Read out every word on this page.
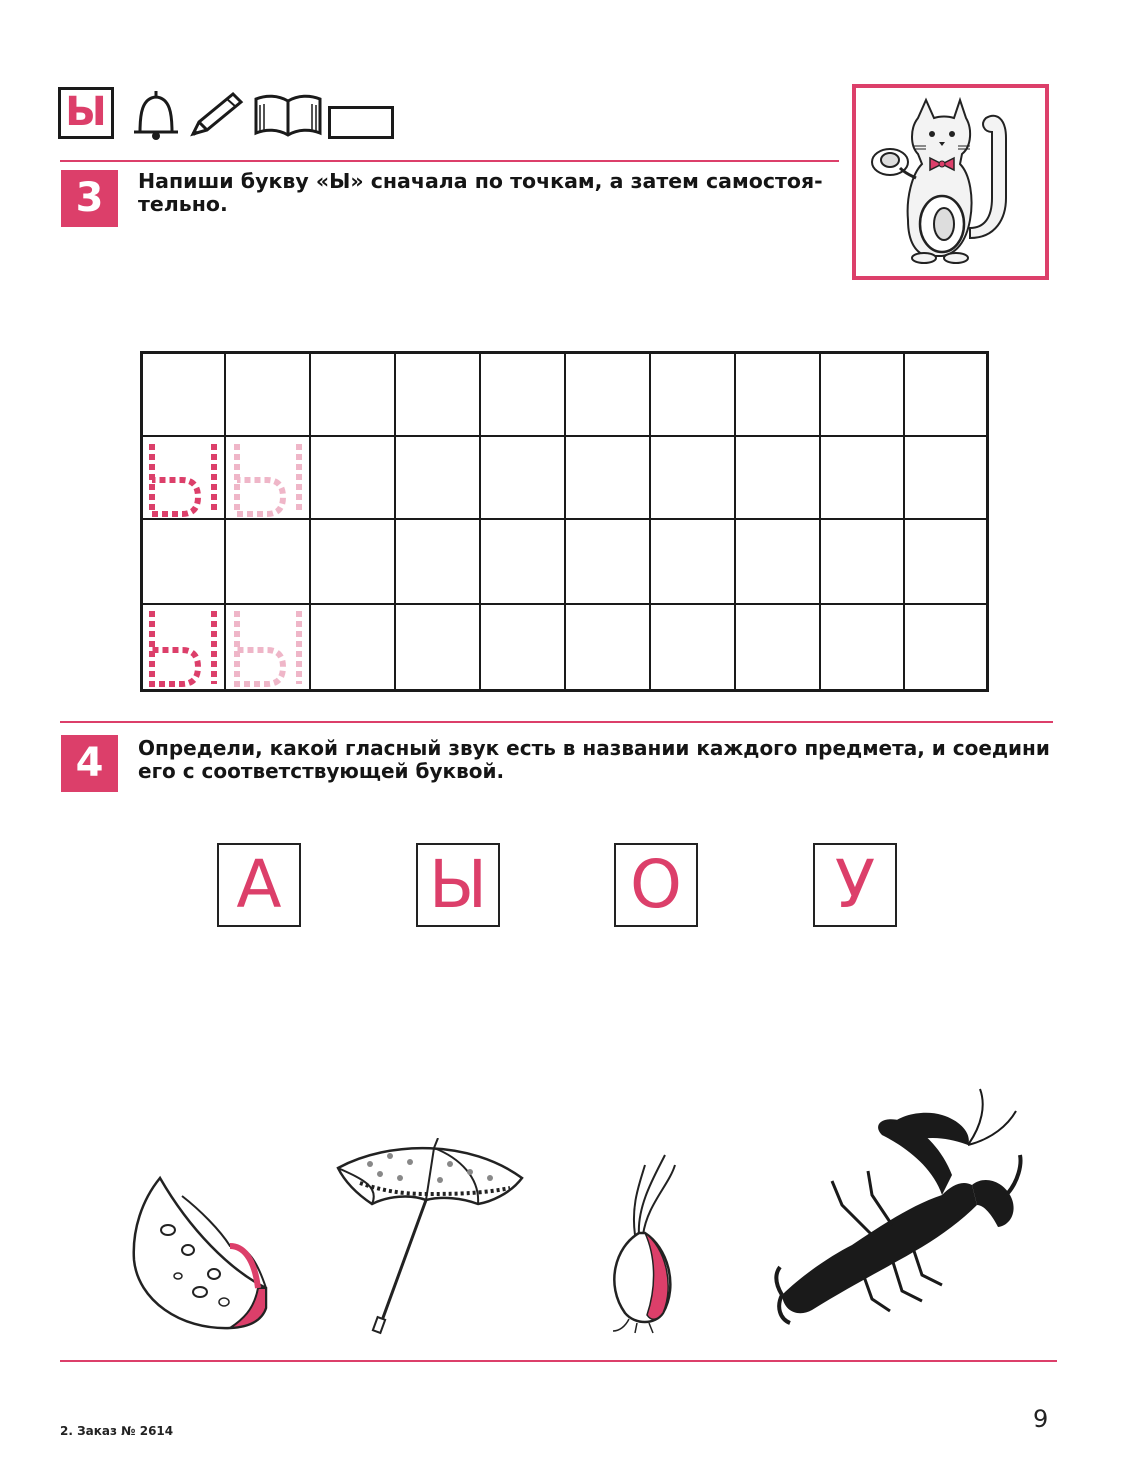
Ы
3	Напиши букву «Ы» сначала по точкам, а затем самостоя-
тельно.
4	Определи, какой гласный звук есть в названии каждого предмета, и соедини
его с соответствующей буквой.
А Ы О	У
2. Заказ № 2614	9
